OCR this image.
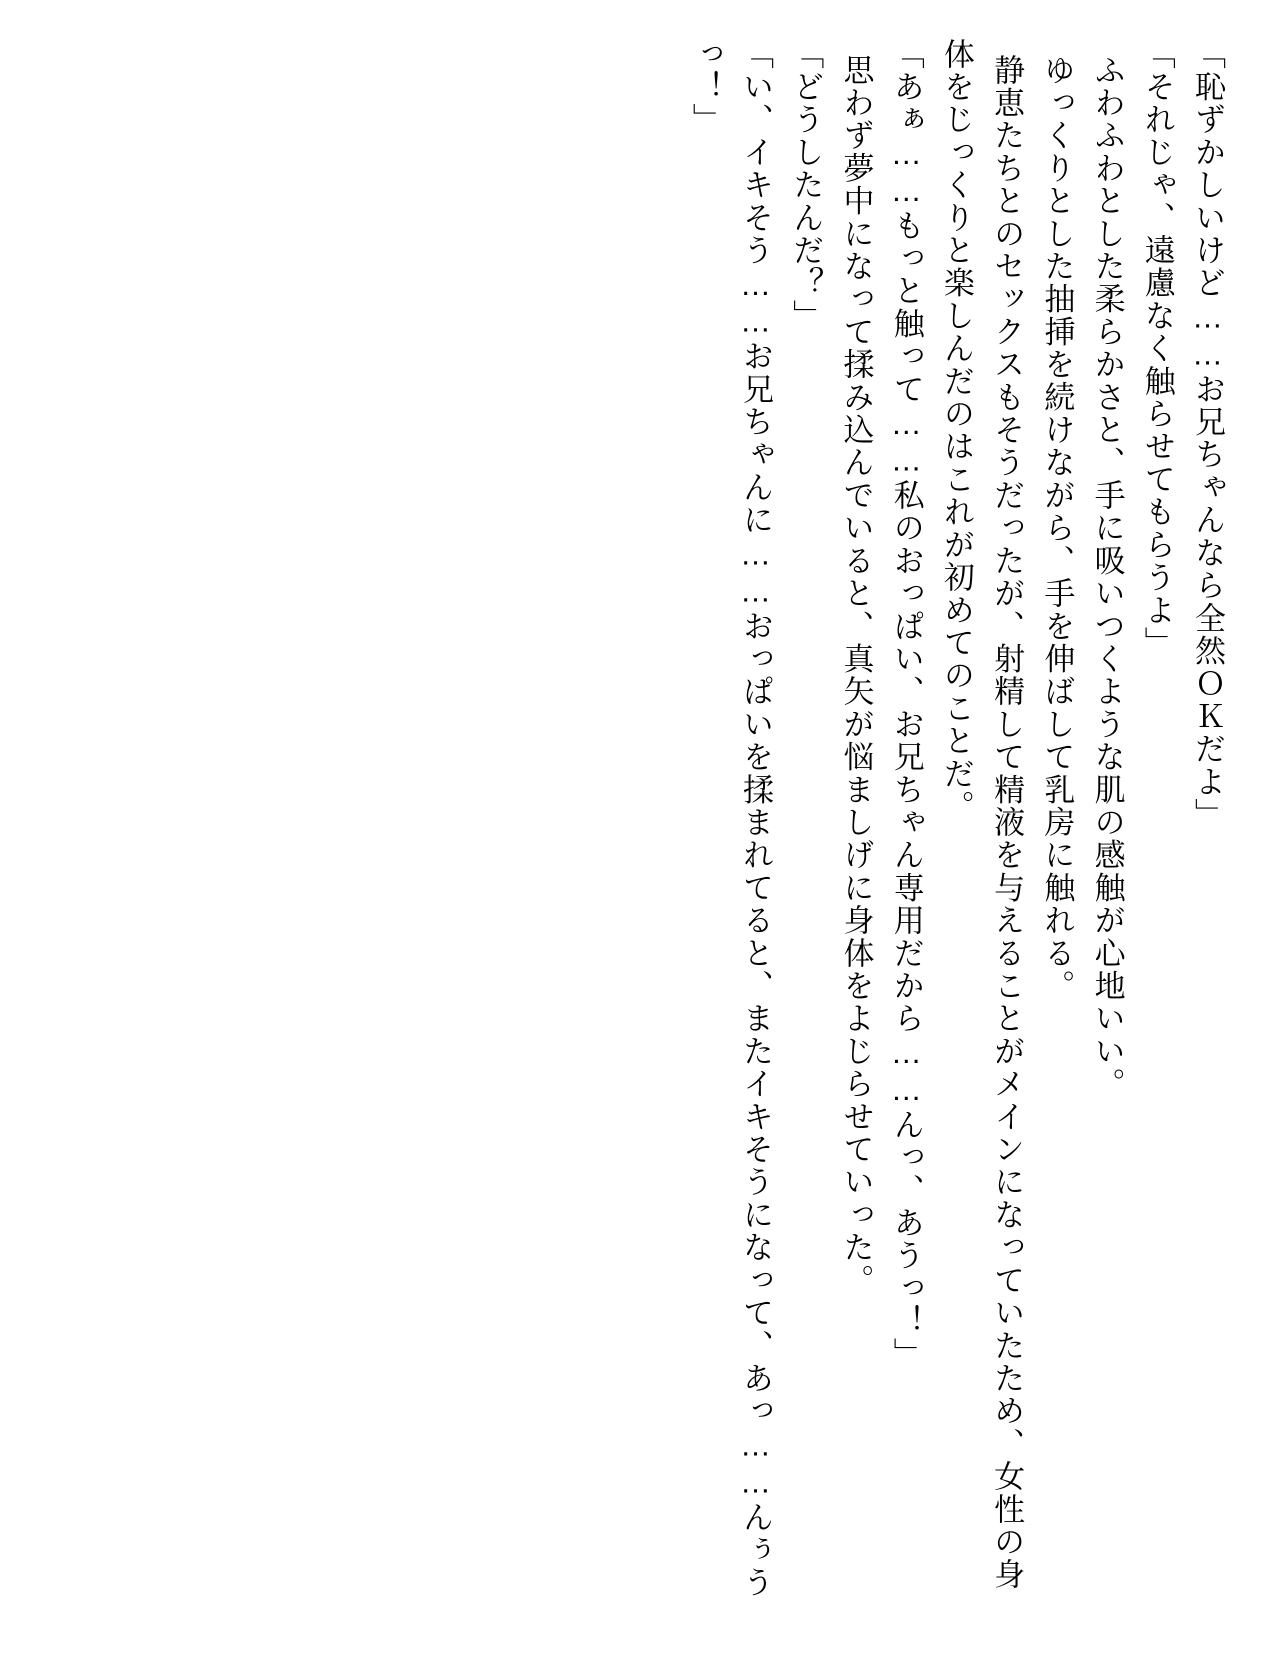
「恥ずかしいけど……お兄ちゃんなら全然ＯＫだよ」

「それじゃ、遠慮なく触らせてもらうよ」

ふわふわとした柔らかさと、手に吸いつくような肌の感触が心地いい。

ゆっくりとした抽挿を続けながら、手を伸ばして乳房に触れる。

静恵たちとのセックスもそうだったが、射精して精液を与えることがメインになっていたため、女性の身体をじっくりと楽しんだのはこれが初めてのことだ。

「あぁ……もっと触って……私のおっぱい、お兄ちゃん専用だから……んっ、あうっ！」

思わず夢中になって揉み込んでいると、真矢が悩ましげに身体をよじらせていった。

「どうしたんだ？」

「い、イキそう……お兄ちゃんに……おっぱいを揉まれてると、またイキそうになって、あっ……んぅうっ！」
